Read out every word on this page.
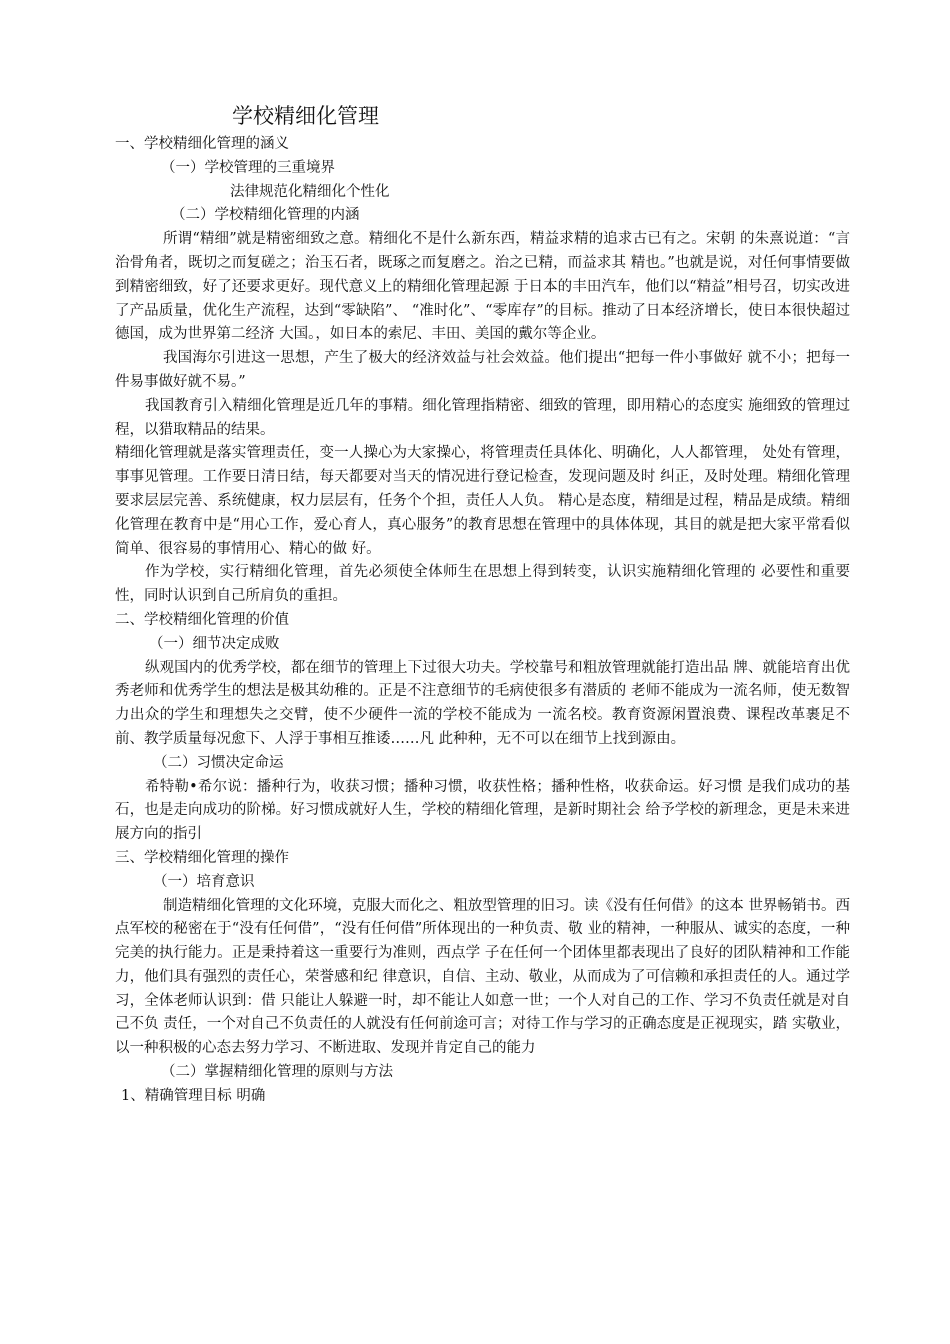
学校精细化管理

一、学校精细化管理的涵义

（一）学校管理的三重境界

法律规范化精细化个性化

（二）学校精细化管理的内涵

所谓“精细”就是精密细致之意。精细化不是什么新东西，精益求精的追求古已有之。宋朝 的朱熹说道：“言治骨角者，既切之而复磋之；治玉石者，既琢之而复磨之。治之已精，而益求其 精也。”也就是说，对任何事情要做到精密细致，好了还要求更好。现代意义上的精细化管理起源 于日本的丰田汽车，他们以“精益”相号召，切实改进了产品质量，优化生产流程，达到“零缺陷”、 “准时化”、“零库存”的目标。推动了日本经济增长，使日本很快超过德国，成为世界第二经济 大国。，如日本的索尼、丰田、美国的戴尔等企业。

我国海尔引进这一思想，产生了极大的经济效益与社会效益。他们提出“把每一件小事做好 就不小；把每一件易事做好就不易。”

我国教育引入精细化管理是近几年的事精。细化管理指精密、细致的管理，即用精心的态度实 施细致的管理过程，以猎取精品的结果。

精细化管理就是落实管理责任，变一人操心为大家操心，将管理责任具体化、明确化，人人都管理， 处处有管理，事事见管理。工作要日清日结，每天都要对当天的情况进行登记检查，发现问题及时 纠正，及时处理。精细化管理要求层层完善、系统健康，权力层层有，任务个个担，责任人人负。 精心是态度，精细是过程，精品是成绩。精细化管理在教育中是“用心工作，爱心育人，真心服务”的教育思想在管理中的具体体现，其目的就是把大家平常看似简单、很容易的事情用心、精心的做 好。

作为学校，实行精细化管理，首先必须使全体师生在思想上得到转变，认识实施精细化管理的 必要性和重要性，同时认识到自己所肩负的重担。

二、学校精细化管理的价值

（一）细节决定成败

纵观国内的优秀学校，都在细节的管理上下过很大功夫。学校靠号和粗放管理就能打造出品 牌、就能培育出优秀老师和优秀学生的想法是极其幼稚的。正是不注意细节的毛病使很多有潜质的 老师不能成为一流名师，使无数智力出众的学生和理想失之交臂，使不少硬件一流的学校不能成为 一流名校。教育资源闲置浪费、课程改革裹足不前、教学质量每况愈下、人浮于事相互推诿……凡 此种种，无不可以在细节上找到源由。

（二）习惯决定命运

希特勒•希尔说：播种行为，收获习惯；播种习惯，收获性格；播种性格，收获命运。好习惯 是我们成功的基石，也是走向成功的阶梯。好习惯成就好人生，学校的精细化管理，是新时期社会 给予学校的新理念，更是未来进展方向的指引

三、学校精细化管理的操作

（一）培育意识

制造精细化管理的文化环境，克服大而化之、粗放型管理的旧习。读《没有任何借》的这本 世界畅销书。西点军校的秘密在于“没有任何借”，“没有任何借”所体现出的一种负责、敬 业的精神，一种服从、诚实的态度，一种完美的执行能力。正是秉持着这一重要行为准则，西点学 子在任何一个团体里都表现出了良好的团队精神和工作能力，他们具有强烈的责任心，荣誉感和纪 律意识，自信、主动、敬业，从而成为了可信赖和承担责任的人。通过学习，全体老师认识到：借 只能让人躲避一时，却不能让人如意一世；一个人对自己的工作、学习不负责任就是对自己不负 责任，一个对自己不负责任的人就没有任何前途可言；对待工作与学习的正确态度是正视现实，踏 实敬业，以一种积极的心态去努力学习、不断进取、发现并肯定自己的能力

（二）掌握精细化管理的原则与方法

1、精确管理目标 明确
